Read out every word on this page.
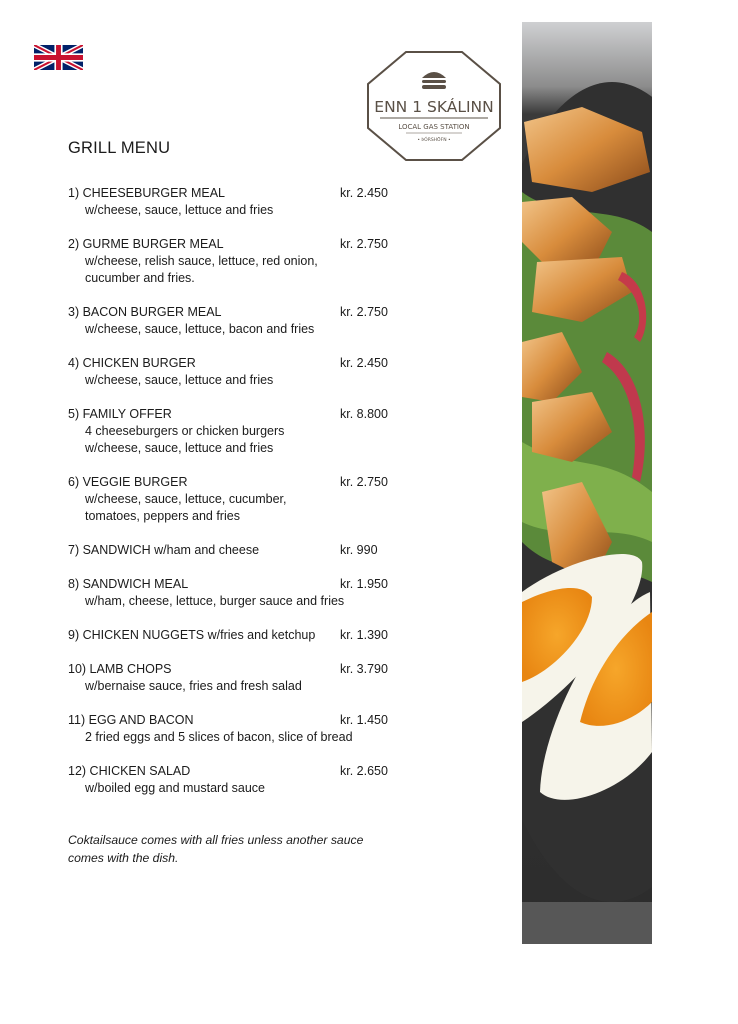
ENN 1 SKÁLINN
LOCAL GAS STATION
• ÞÓRSHÖFN •
GRILL MENU
1) CHEESEBURGER MEAL	kr. 2.450
w/cheese, sauce, lettuce and fries
2) GURME BURGER MEAL	kr. 2.750
w/cheese, relish sauce, lettuce, red onion,
cucumber and fries.
3) BACON BURGER MEAL	kr. 2.750
w/cheese, sauce, lettuce, bacon and fries
4) CHICKEN BURGER	kr. 2.450
w/cheese, sauce, lettuce and fries
5) FAMILY OFFER	kr. 8.800
4 cheeseburgers or chicken burgers
w/cheese, sauce, lettuce and fries
6) VEGGIE BURGER	kr. 2.750
w/cheese, sauce, lettuce, cucumber,
tomatoes, peppers and fries
7) SANDWICH w/ham and cheese	kr. 990
8) SANDWICH MEAL	kr. 1.950
w/ham, cheese, lettuce, burger sauce and fries
9) CHICKEN NUGGETS w/fries and ketchup	kr. 1.390
10) LAMB CHOPS	kr. 3.790
w/bernaise sauce, fries and fresh salad
11) EGG AND BACON	kr. 1.450
2 fried eggs and 5 slices of bacon, slice of bread
12) CHICKEN SALAD	kr. 2.650
w/boiled egg and mustard sauce
Coktailsauce comes with all fries unless another sauce
comes with the dish.
